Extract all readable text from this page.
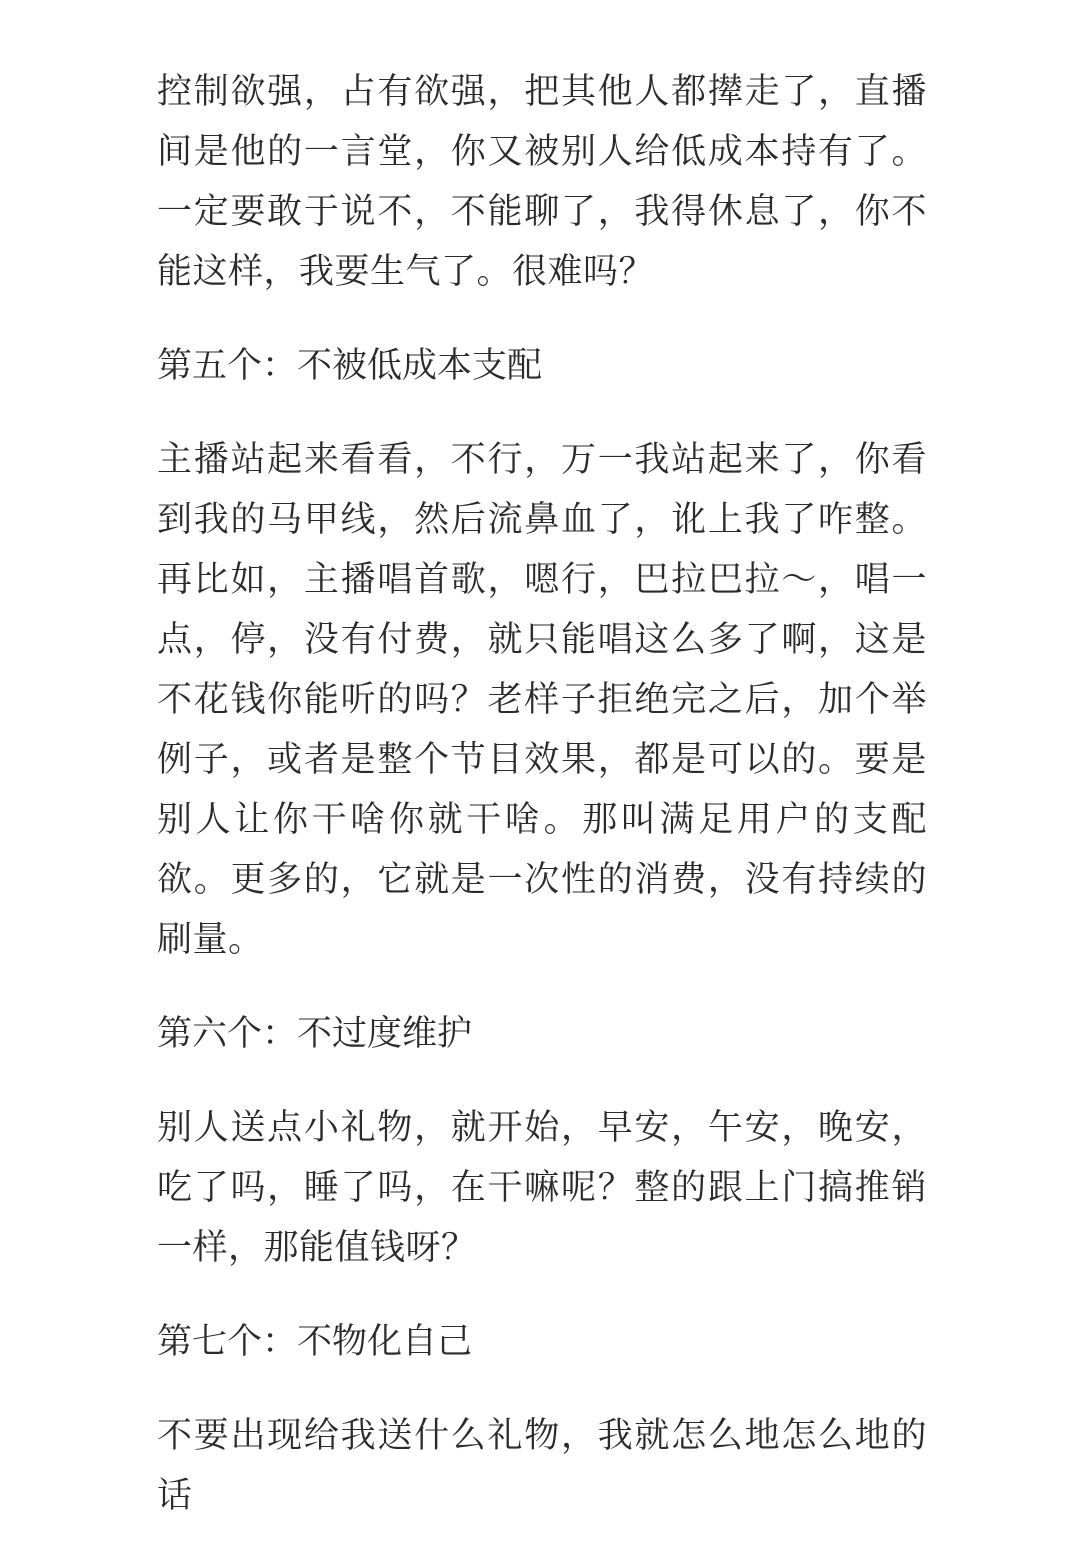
控制欲强，占有欲强，把其他人都撵走了，直播间是他的一言堂，你又被别人给低成本持有了。一定要敢于说不，不能聊了，我得休息了，你不能这样，我要生气了。很难吗？

第五个：不被低成本支配

主播站起来看看，不行，万一我站起来了，你看到我的马甲线，然后流鼻血了，讹上我了咋整。再比如，主播唱首歌，嗯行，巴拉巴拉～，唱一点，停，没有付费，就只能唱这么多了啊，这是不花钱你能听的吗？老样子拒绝完之后，加个举例子，或者是整个节目效果，都是可以的。要是别人让你干啥你就干啥。那叫满足用户的支配欲。更多的，它就是一次性的消费，没有持续的刷量。

第六个：不过度维护

别人送点小礼物，就开始，早安，午安，晚安，吃了吗，睡了吗，在干嘛呢？整的跟上门搞推销一样，那能值钱呀？

第七个：不物化自己

不要出现给我送什么礼物，我就怎么地怎么地的话
